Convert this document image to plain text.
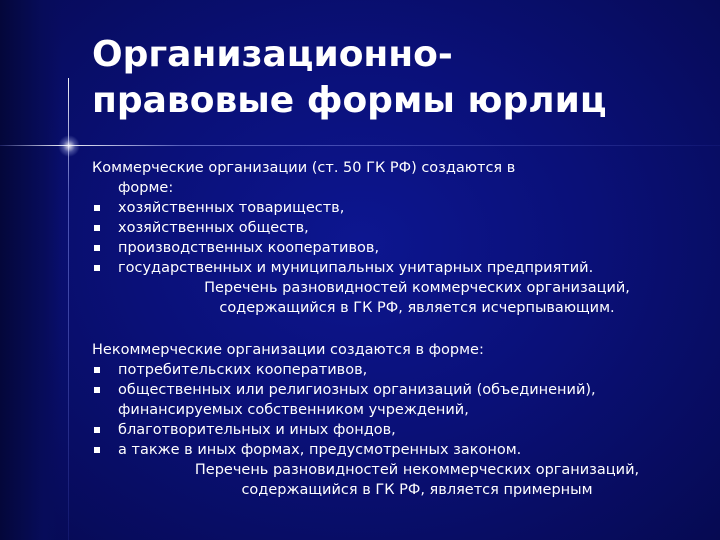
Организационно-
правовые формы юрлиц

Коммерческие организации (ст. 50 ГК РФ) создаются в
форме:

хозяйственных товариществ,
хозяйственных обществ,
производственных кооперативов,
государственных и муниципальных унитарных предприятий.

Перечень разновидностей коммерческих организаций,
содержащийся в ГК РФ, является исчерпывающим.

Некоммерческие организации создаются в форме:

потребительских кооперативов,
общественных или религиозных организаций (объединений), финансируемых собственником учреждений,
благотворительных и иных фондов,
а также в иных формах, предусмотренных законом.

Перечень разновидностей некоммерческих организаций,
содержащийся в ГК РФ, является примерным
